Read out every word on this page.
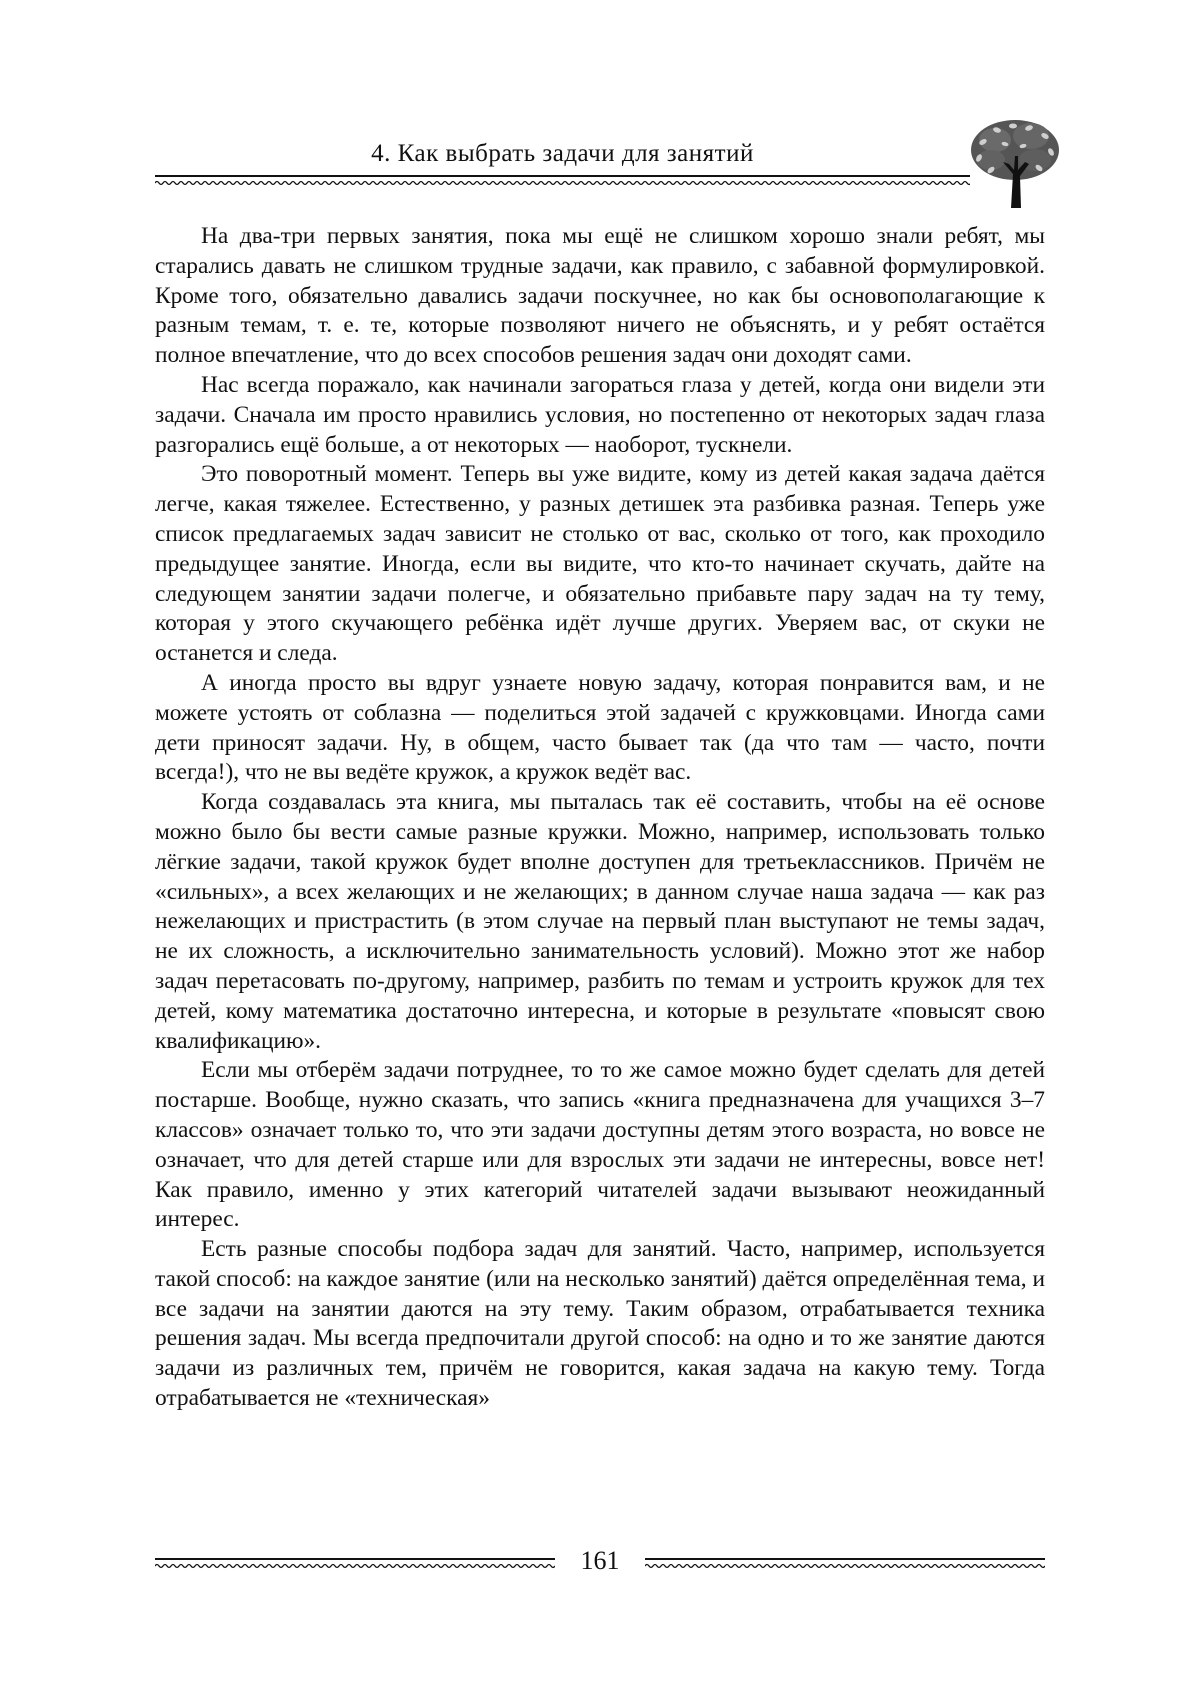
4. Как выбрать задачи для занятий

На два-три первых занятия, пока мы ещё не слишком хорошо знали ребят, мы старались давать не слишком трудные задачи, как правило, с забавной формулировкой. Кроме того, обязательно давались задачи поскучнее, но как бы основополагающие к разным темам, т. е. те, которые позволяют ничего не объяснять, и у ребят остаётся полное впечатление, что до всех способов решения задач они доходят сами.

Нас всегда поражало, как начинали загораться глаза у детей, когда они видели эти задачи. Сначала им просто нравились условия, но постепенно от некоторых задач глаза разгорались ещё больше, а от некоторых — наоборот, тускнели.

Это поворотный момент. Теперь вы уже видите, кому из детей какая задача даётся легче, какая тяжелее. Естественно, у разных детишек эта разбивка разная. Теперь уже список предлагаемых задач зависит не столько от вас, сколько от того, как проходило предыдущее занятие. Иногда, если вы видите, что кто-то начинает скучать, дайте на следующем занятии задачи полегче, и обязательно прибавьте пару задач на ту тему, которая у этого скучающего ребёнка идёт лучше других. Уверяем вас, от скуки не останется и следа.

А иногда просто вы вдруг узнаете новую задачу, которая понравится вам, и не можете устоять от соблазна — поделиться этой задачей с кружковцами. Иногда сами дети приносят задачи. Ну, в общем, часто бывает так (да что там — часто, почти всегда!), что не вы ведёте кружок, а кружок ведёт вас.

Когда создавалась эта книга, мы пыталась так её составить, чтобы на её основе можно было бы вести самые разные кружки. Можно, например, использовать только лёгкие задачи, такой кружок будет вполне доступен для третьеклассников. Причём не «сильных», а всех желающих и не желающих; в данном случае наша задача — как раз нежелающих и пристрастить (в этом случае на первый план выступают не темы задач, не их сложность, а исключительно занимательность условий). Можно этот же набор задач перетасовать по-другому, например, разбить по темам и устроить кружок для тех детей, кому математика достаточно интересна, и которые в результате «повысят свою квалификацию».

Если мы отберём задачи потруднее, то то же самое можно будет сделать для детей постарше. Вообще, нужно сказать, что запись «книга предназначена для учащихся 3–7 классов» означает только то, что эти задачи доступны детям этого возраста, но вовсе не означает, что для детей старше или для взрослых эти задачи не интересны, вовсе нет! Как правило, именно у этих категорий читателей задачи вызывают неожиданный интерес.

Есть разные способы подбора задач для занятий. Часто, например, используется такой способ: на каждое занятие (или на несколько занятий) даётся определённая тема, и все задачи на занятии даются на эту тему. Таким образом, отрабатывается техника решения задач. Мы всегда предпочитали другой способ: на одно и то же занятие даются задачи из различных тем, причём не говорится, какая задача на какую тему. Тогда отрабатывается не «техническая»

161
